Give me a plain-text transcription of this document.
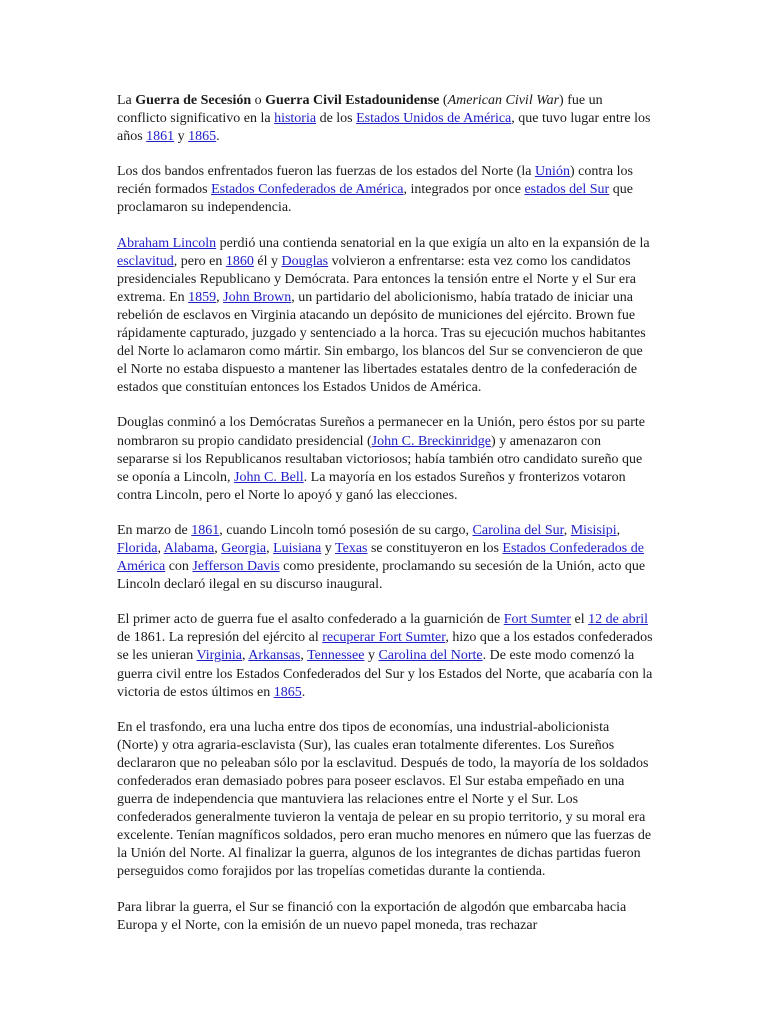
La Guerra de Secesión o Guerra Civil Estadounidense (American Civil War) fue un conflicto significativo en la historia de los Estados Unidos de América, que tuvo lugar entre los años 1861 y 1865.

Los dos bandos enfrentados fueron las fuerzas de los estados del Norte (la Unión) contra los recién formados Estados Confederados de América, integrados por once estados del Sur que proclamaron su independencia.

Abraham Lincoln perdió una contienda senatorial en la que exigía un alto en la expansión de la esclavitud, pero en 1860 él y Douglas volvieron a enfrentarse: esta vez como los candidatos presidenciales Republicano y Demócrata. Para entonces la tensión entre el Norte y el Sur era extrema. En 1859, John Brown, un partidario del abolicionismo, había tratado de iniciar una rebelión de esclavos en Virginia atacando un depósito de municiones del ejército. Brown fue rápidamente capturado, juzgado y sentenciado a la horca. Tras su ejecución muchos habitantes del Norte lo aclamaron como mártir. Sin embargo, los blancos del Sur se convencieron de que el Norte no estaba dispuesto a mantener las libertades estatales dentro de la confederación de estados que constituían entonces los Estados Unidos de América.

Douglas conminó a los Demócratas Sureños a permanecer en la Unión, pero éstos por su parte nombraron su propio candidato presidencial (John C. Breckinridge) y amenazaron con separarse si los Republicanos resultaban victoriosos; había también otro candidato sureño que se oponía a Lincoln, John C. Bell. La mayoría en los estados Sureños y fronterizos votaron contra Lincoln, pero el Norte lo apoyó y ganó las elecciones.

En marzo de 1861, cuando Lincoln tomó posesión de su cargo, Carolina del Sur, Misisipi, Florida, Alabama, Georgia, Luisiana y Texas se constituyeron en los Estados Confederados de América con Jefferson Davis como presidente, proclamando su secesión de la Unión, acto que Lincoln declaró ilegal en su discurso inaugural.

El primer acto de guerra fue el asalto confederado a la guarnición de Fort Sumter el 12 de abril de 1861. La represión del ejército al recuperar Fort Sumter, hizo que a los estados confederados se les unieran Virginia, Arkansas, Tennessee y Carolina del Norte. De este modo comenzó la guerra civil entre los Estados Confederados del Sur y los Estados del Norte, que acabaría con la victoria de estos últimos en 1865.

En el trasfondo, era una lucha entre dos tipos de economías, una industrial-abolicionista (Norte) y otra agraria-esclavista (Sur), las cuales eran totalmente diferentes. Los Sureños declararon que no peleaban sólo por la esclavitud. Después de todo, la mayoría de los soldados confederados eran demasiado pobres para poseer esclavos. El Sur estaba empeñado en una guerra de independencia que mantuviera las relaciones entre el Norte y el Sur. Los confederados generalmente tuvieron la ventaja de pelear en su propio territorio, y su moral era excelente. Tenían magníficos soldados, pero eran mucho menores en número que las fuerzas de la Unión del Norte. Al finalizar la guerra, algunos de los integrantes de dichas partidas fueron perseguidos como forajidos por las tropelías cometidas durante la contienda.

Para librar la guerra, el Sur se financió con la exportación de algodón que embarcaba hacia Europa y el Norte, con la emisión de un nuevo papel moneda, tras rechazar
